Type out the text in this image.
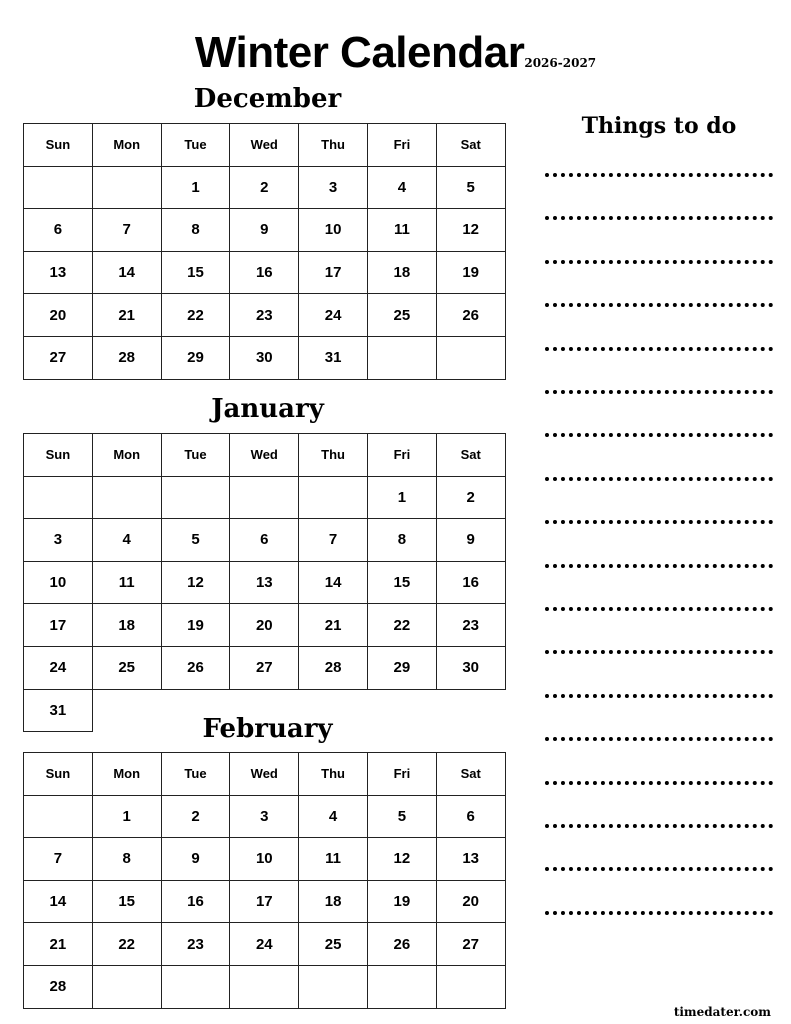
Winter Calendar2026-2027
December
Sun	Mon	Tue	Wed	Thu	Fri	Sat
		1	2	3	4	5
6	7	8	9	10	11	12
13	14	15	16	17	18	19
20	21	22	23	24	25	26
27	28	29	30	31		
January
Sun	Mon	Tue	Wed	Thu	Fri	Sat
					1	2
3	4	5	6	7	8	9
10	11	12	13	14	15	16
17	18	19	20	21	22	23
24	25	26	27	28	29	30
31						
February
Sun	Mon	Tue	Wed	Thu	Fri	Sat
	1	2	3	4	5	6
7	8	9	10	11	12	13
14	15	16	17	18	19	20
21	22	23	24	25	26	27
28						
Things to do
timedater.com
